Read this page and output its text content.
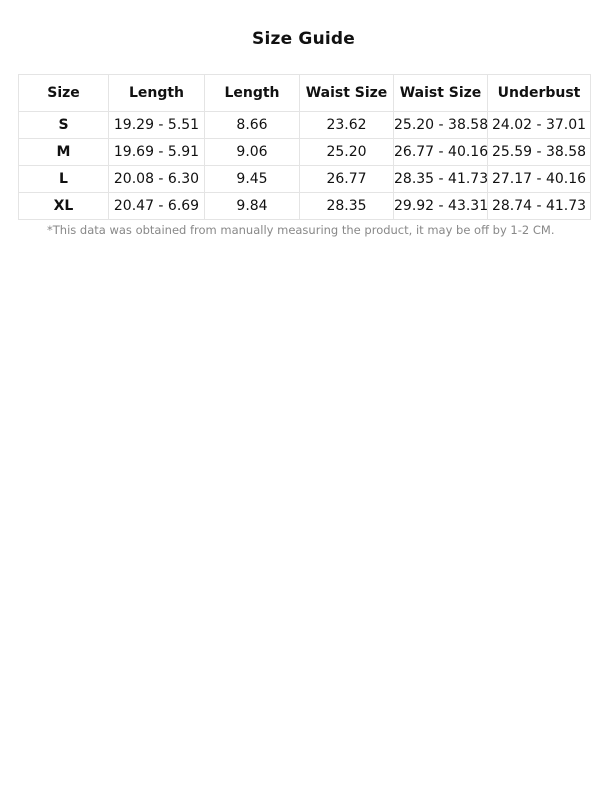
Size Guide
Size	Length	Length	Waist Size	Waist Size	Underbust
S	19.29 - 5.51	8.66	23.62	25.20 - 38.58	24.02 - 37.01
M	19.69 - 5.91	9.06	25.20	26.77 - 40.16	25.59 - 38.58
L	20.08 - 6.30	9.45	26.77	28.35 - 41.73	27.17 - 40.16
XL	20.47 - 6.69	9.84	28.35	29.92 - 43.31	28.74 - 41.73
*This data was obtained from manually measuring the product, it may be off by 1-2 CM.
